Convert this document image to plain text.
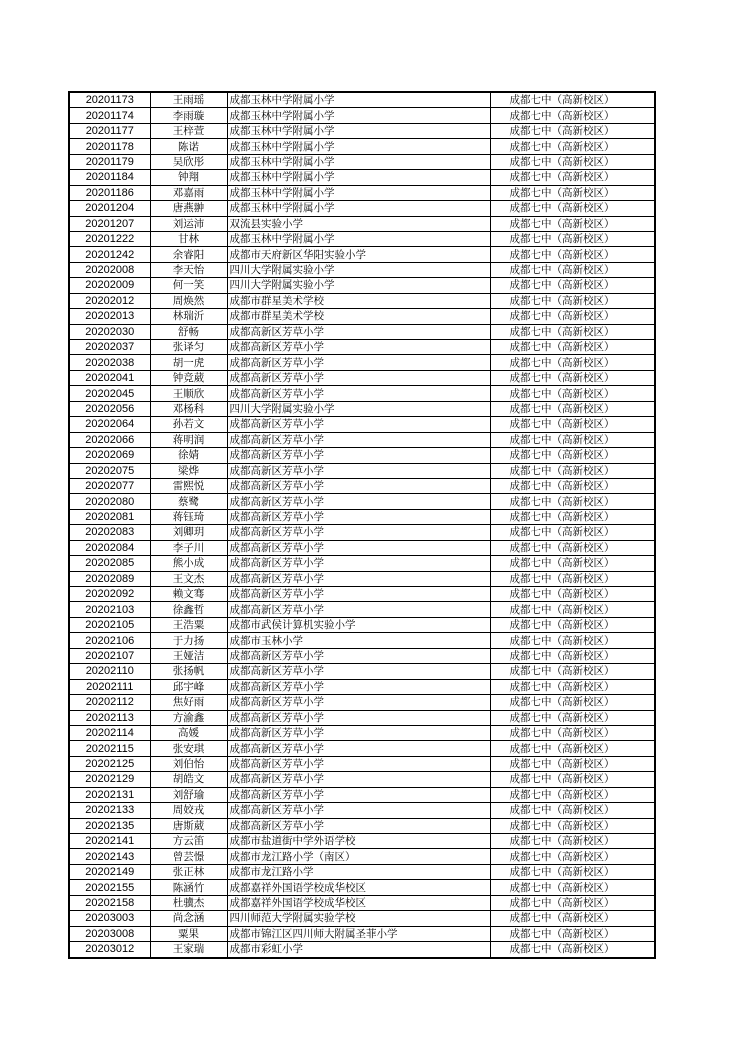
20201173	王雨瑶	成都玉林中学附属小学	成都七中（高新校区）
20201174	李雨璇	成都玉林中学附属小学	成都七中（高新校区）
20201177	王梓萱	成都玉林中学附属小学	成都七中（高新校区）
20201178	陈诺	成都玉林中学附属小学	成都七中（高新校区）
20201179	吴欣彤	成都玉林中学附属小学	成都七中（高新校区）
20201184	钟翔	成都玉林中学附属小学	成都七中（高新校区）
20201186	邓嘉雨	成都玉林中学附属小学	成都七中（高新校区）
20201204	唐燕翀	成都玉林中学附属小学	成都七中（高新校区）
20201207	刘运沛	双流县实验小学	成都七中（高新校区）
20201222	甘林	成都玉林中学附属小学	成都七中（高新校区）
20201242	余睿阳	成都市天府新区华阳实验小学	成都七中（高新校区）
20202008	李天怡	四川大学附属实验小学	成都七中（高新校区）
20202009	何一笑	四川大学附属实验小学	成都七中（高新校区）
20202012	周焕然	成都市群星美术学校	成都七中（高新校区）
20202013	林瑞沂	成都市群星美术学校	成都七中（高新校区）
20202030	舒畅	成都高新区芳草小学	成都七中（高新校区）
20202037	张译匀	成都高新区芳草小学	成都七中（高新校区）
20202038	胡一虎	成都高新区芳草小学	成都七中（高新校区）
20202041	钟竞葳	成都高新区芳草小学	成都七中（高新校区）
20202045	王顺欣	成都高新区芳草小学	成都七中（高新校区）
20202056	邓杨科	四川大学附属实验小学	成都七中（高新校区）
20202064	孙若文	成都高新区芳草小学	成都七中（高新校区）
20202066	蒋明润	成都高新区芳草小学	成都七中（高新校区）
20202069	徐婧	成都高新区芳草小学	成都七中（高新校区）
20202075	梁烨	成都高新区芳草小学	成都七中（高新校区）
20202077	雷熙悦	成都高新区芳草小学	成都七中（高新校区）
20202080	蔡鹭	成都高新区芳草小学	成都七中（高新校区）
20202081	蒋钰琦	成都高新区芳草小学	成都七中（高新校区）
20202083	刘卿玥	成都高新区芳草小学	成都七中（高新校区）
20202084	李子川	成都高新区芳草小学	成都七中（高新校区）
20202085	熊小成	成都高新区芳草小学	成都七中（高新校区）
20202089	王文杰	成都高新区芳草小学	成都七中（高新校区）
20202092	赖文骞	成都高新区芳草小学	成都七中（高新校区）
20202103	徐鑫哲	成都高新区芳草小学	成都七中（高新校区）
20202105	王浩粟	成都市武侯计算机实验小学	成都七中（高新校区）
20202106	于力扬	成都市玉林小学	成都七中（高新校区）
20202107	王娅洁	成都高新区芳草小学	成都七中（高新校区）
20202110	张扬帆	成都高新区芳草小学	成都七中（高新校区）
20202111	邱宇峰	成都高新区芳草小学	成都七中（高新校区）
20202112	焦好雨	成都高新区芳草小学	成都七中（高新校区）
20202113	方渝鑫	成都高新区芳草小学	成都七中（高新校区）
20202114	高媛	成都高新区芳草小学	成都七中（高新校区）
20202115	张安琪	成都高新区芳草小学	成都七中（高新校区）
20202125	刘伯怡	成都高新区芳草小学	成都七中（高新校区）
20202129	胡皓文	成都高新区芳草小学	成都七中（高新校区）
20202131	刘舒瑜	成都高新区芳草小学	成都七中（高新校区）
20202133	周姣戎	成都高新区芳草小学	成都七中（高新校区）
20202135	唐斯葳	成都高新区芳草小学	成都七中（高新校区）
20202141	方云笛	成都市盐道街中学外语学校	成都七中（高新校区）
20202143	曾芸憬	成都市龙江路小学（南区）	成都七中（高新校区）
20202149	张正林	成都市龙江路小学	成都七中（高新校区）
20202155	陈涵竹	成都嘉祥外国语学校成华校区	成都七中（高新校区）
20202158	杜骥杰	成都嘉祥外国语学校成华校区	成都七中（高新校区）
20203003	尚念涵	四川师范大学附属实验学校	成都七中（高新校区）
20203008	粟果	成都市锦江区四川师大附属圣菲小学	成都七中（高新校区）
20203012	王家瑞	成都市彩虹小学	成都七中（高新校区）
